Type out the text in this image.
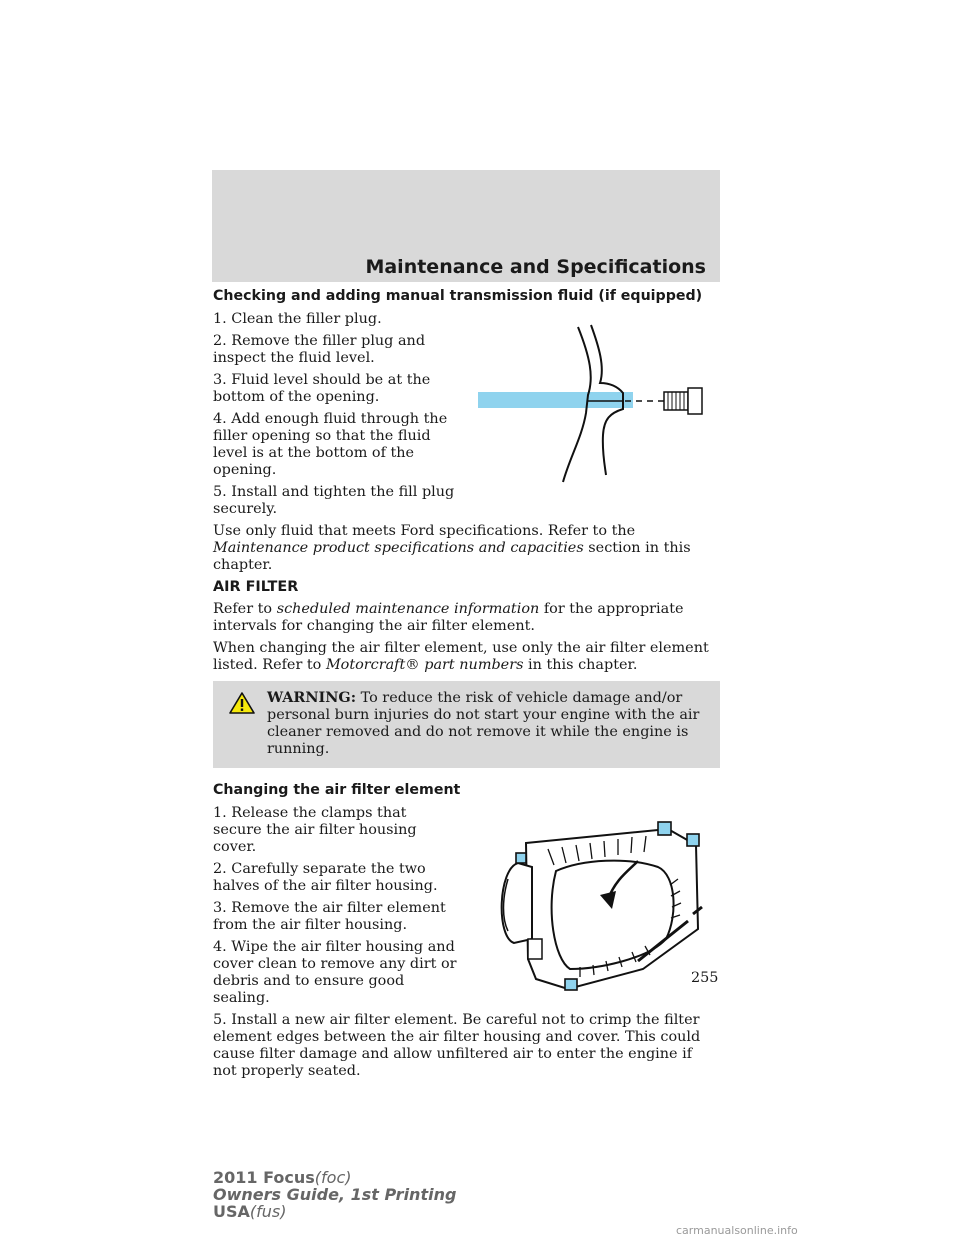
Maintenance and Specifications
Checking and adding manual transmission fluid (if equipped)
1. Clean the filler plug.
2. Remove the filler plug and inspect the fluid level.
3. Fluid level should be at the bottom of the opening.
4. Add enough fluid through the filler opening so that the fluid level is at the bottom of the opening.
5. Install and tighten the fill plug securely.

Use only fluid that meets Ford specifications. Refer to the Maintenance product specifications and capacities section in this chapter.

AIR FILTER

Refer to scheduled maintenance information for the appropriate intervals for changing the air filter element.

When changing the air filter element, use only the air filter element listed. Refer to Motorcraft® part numbers in this chapter.

WARNING: To reduce the risk of vehicle damage and/or personal burn injuries do not start your engine with the air cleaner removed and do not remove it while the engine is running.
Changing the air filter element
1. Release the clamps that secure the air filter housing cover.
2. Carefully separate the two halves of the air filter housing.
3. Remove the air filter element from the air filter housing.
4. Wipe the air filter housing and cover clean to remove any dirt or debris and to ensure good sealing.

5. Install a new air filter element. Be careful not to crimp the filter element edges between the air filter housing and cover. This could cause filter damage and allow unfiltered air to enter the engine if not properly seated.

255
2011 Focus(foc)
Owners Guide, 1st Printing
USA(fus)
carmanualsonline.info
